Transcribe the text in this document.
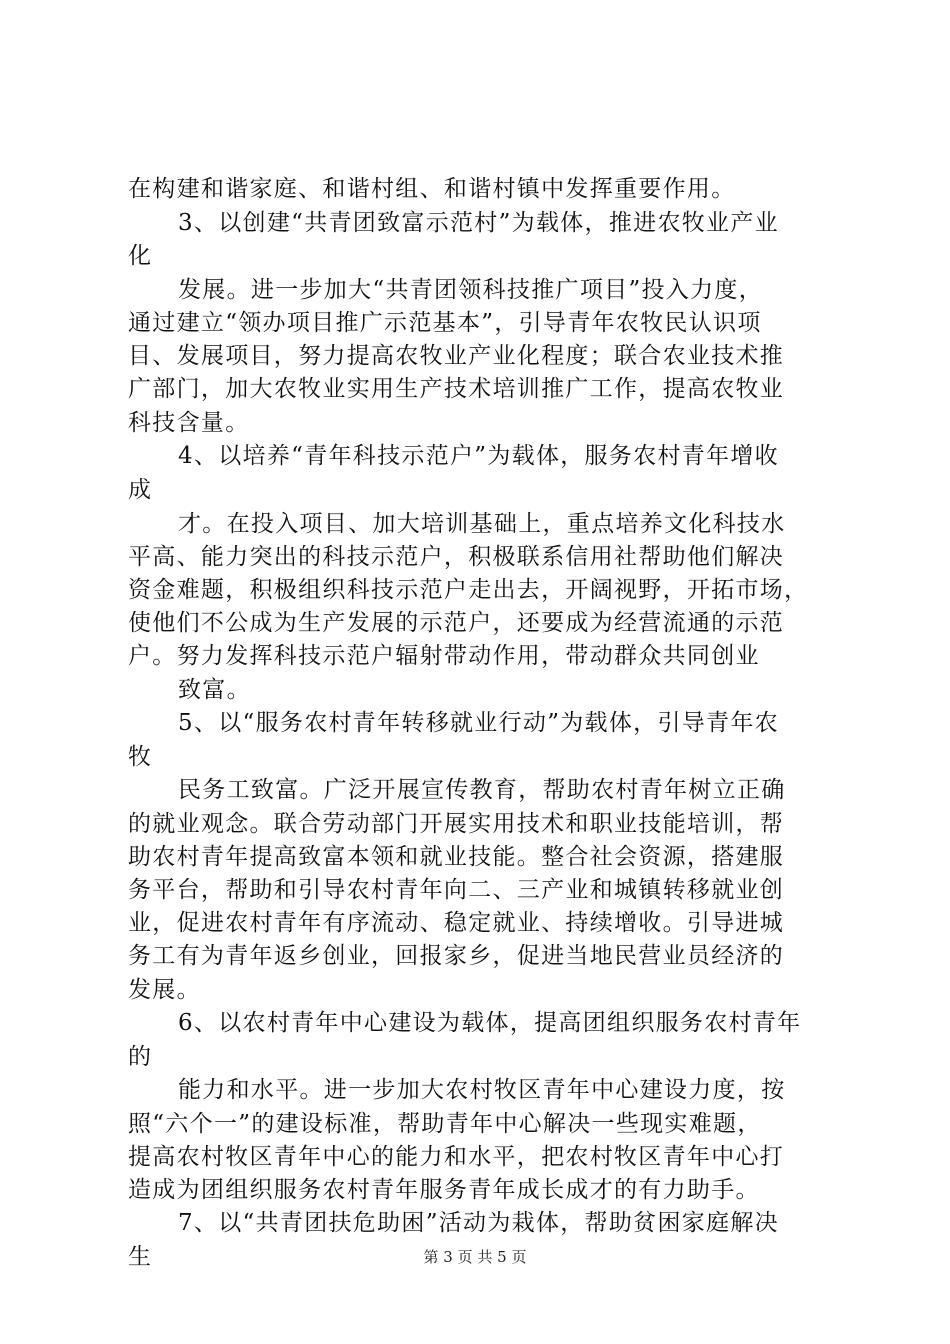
在构建和谐家庭、和谐村组、和谐村镇中发挥重要作用。
3、以创建“共青团致富示范村”为载体，推进农牧业产业
化
发展。进一步加大“共青团领科技推广项目”投入力度，
通过建立“领办项目推广示范基本”，引导青年农牧民认识项
目、发展项目，努力提高农牧业产业化程度；联合农业技术推
广部门，加大农牧业实用生产技术培训推广工作，提高农牧业
科技含量。
4、以培养“青年科技示范户”为载体，服务农村青年增收
成
才。在投入项目、加大培训基础上，重点培养文化科技水
平高、能力突出的科技示范户，积极联系信用社帮助他们解决
资金难题，积极组织科技示范户走出去，开阔视野，开拓市场，
使他们不公成为生产发展的示范户，还要成为经营流通的示范
户。努力发挥科技示范户辐射带动作用，带动群众共同创业
致富。
5、以“服务农村青年转移就业行动”为载体，引导青年农
牧
民务工致富。广泛开展宣传教育，帮助农村青年树立正确
的就业观念。联合劳动部门开展实用技术和职业技能培训，帮
助农村青年提高致富本领和就业技能。整合社会资源，搭建服
务平台，帮助和引导农村青年向二、三产业和城镇转移就业创
业，促进农村青年有序流动、稳定就业、持续增收。引导进城
务工有为青年返乡创业，回报家乡，促进当地民营业员经济的
发展。
6、以农村青年中心建设为载体，提高团组织服务农村青年
的
能力和水平。进一步加大农村牧区青年中心建设力度，按
照“六个一”的建设标准，帮助青年中心解决一些现实难题，
提高农村牧区青年中心的能力和水平，把农村牧区青年中心打
造成为团组织服务农村青年服务青年成长成才的有力助手。
7、以“共青团扶危助困”活动为栽体，帮助贫困家庭解决
生	第 3 页 共 5 页
